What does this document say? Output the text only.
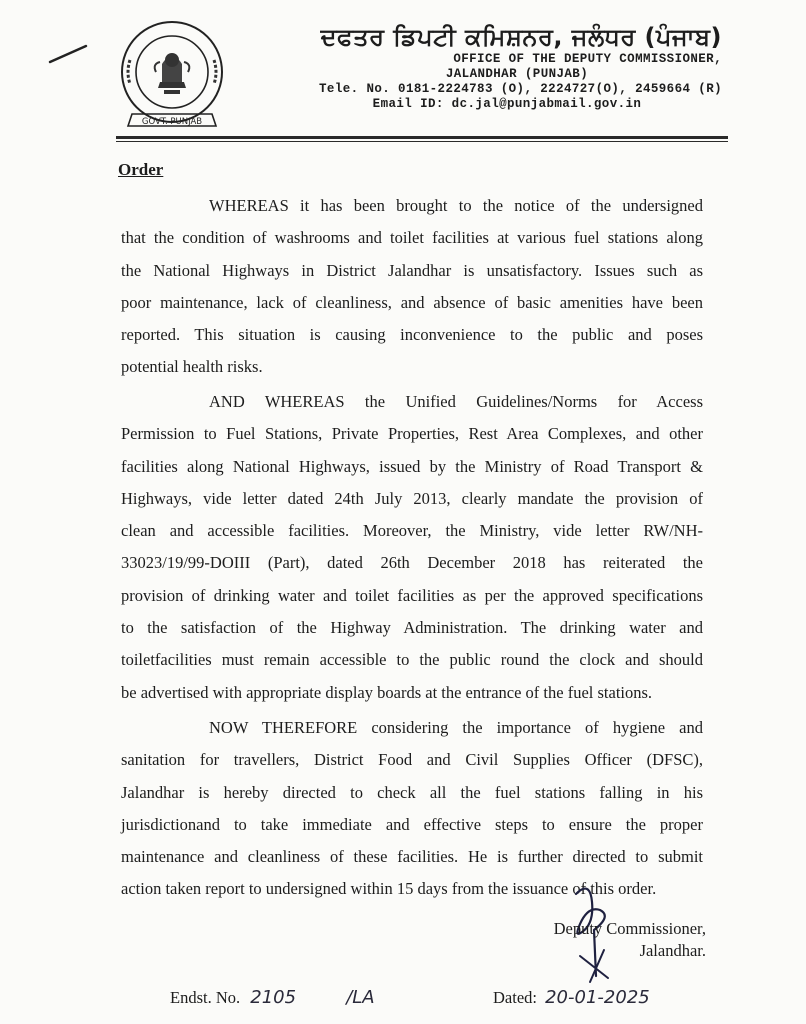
GOVT. PUNJAB
ਦਫਤਰ ਡਿਪਟੀ ਕਮਿਸ਼ਨਰ, ਜਲੰਧਰ (ਪੰਜਾਬ)
OFFICE OF THE DEPUTY COMMISSIONER,
JALANDHAR (PUNJAB)
Tele. No. 0181-2224783 (O), 2224727(O), 2459664 (R)
Email ID: dc.jal@punjabmail.gov.in
Order
WHEREAS it has been brought to the notice of the undersigned
that the condition of washrooms and toilet facilities at various fuel stations along
the National Highways in District Jalandhar is unsatisfactory. Issues such as
poor maintenance, lack of cleanliness, and absence of basic amenities have been
reported. This situation is causing inconvenience to the public and poses
potential health risks.
AND WHEREAS the Unified Guidelines/Norms for Access
Permission to Fuel Stations, Private Properties, Rest Area Complexes, and other
facilities along National Highways, issued by the Ministry of Road Transport &
Highways, vide letter dated 24th July 2013, clearly mandate the provision of
clean and accessible facilities. Moreover, the Ministry, vide letter RW/NH-
33023/19/99-DOIII (Part), dated 26th December 2018 has reiterated the
provision of drinking water and toilet facilities as per the approved specifications
to the satisfaction of the Highway Administration. The drinking water and
toiletfacilities must remain accessible to the public round the clock and should
be advertised with appropriate display boards at the entrance of the fuel stations.
NOW THEREFORE considering the importance of hygiene and
sanitation for travellers, District Food and Civil Supplies Officer (DFSC),
Jalandhar is hereby directed to check all the fuel stations falling in his
jurisdictionand to take immediate and effective steps to ensure the proper
maintenance and cleanliness of these facilities. He is further directed to submit
action taken report to undersigned within 15 days from the issuance of this order.
Deputy Commissioner,
Jalandhar.
Endst. No. 2105	/LA	Dated: 20-01-2025
